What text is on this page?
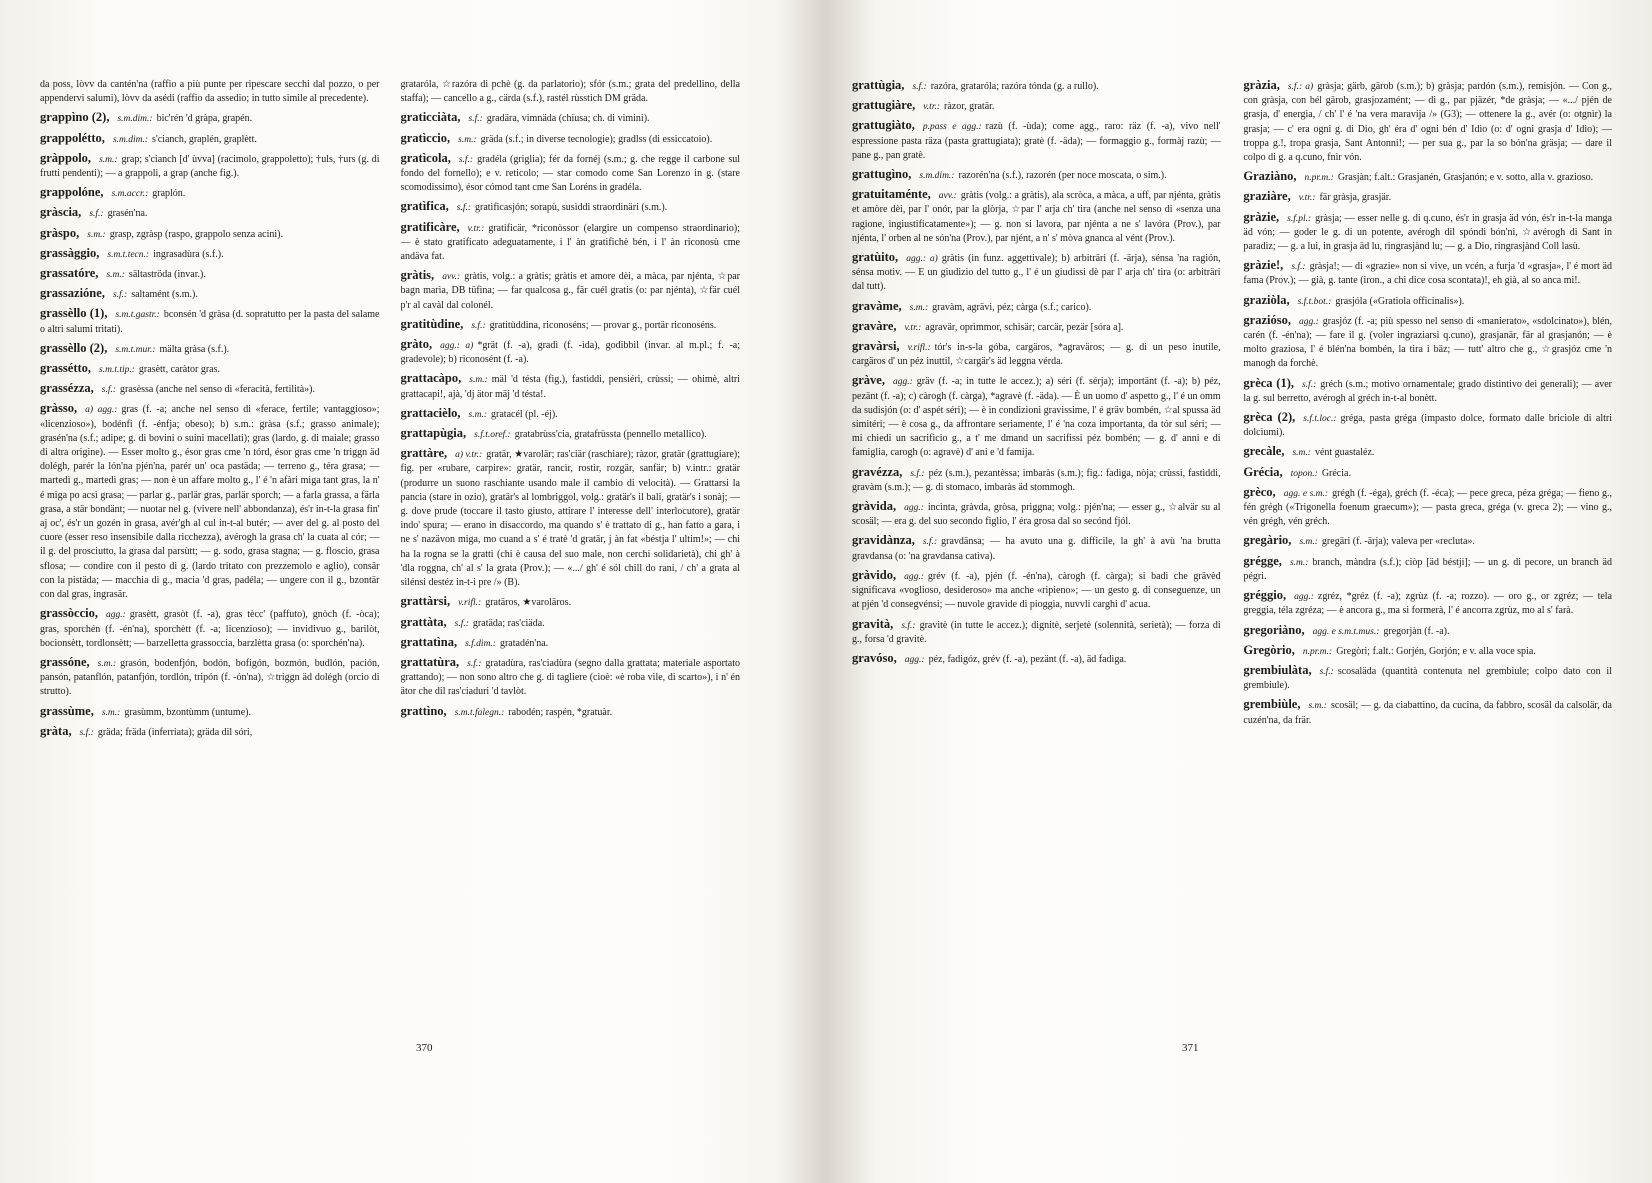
da poss, lòvv da cantén'na (raffio a più punte per ripescare secchi dal pozzo, o per appendervi salumi), lòvv da asédi (raffio da assedio; in tutto simile al precedente).

grappìno (2), s.m.dim.: bic'rén 'd gràpa, grapén.

grappolétto, s.m.dim.: s'cianch, graplén, graplètt.

gràppolo, s.m.: grap; s'cianch [d' ùvva] (racimolo, grappoletto); †uls, †urs (g. di frutti pendenti); — a grappoli, a grap (anche fig.).

grappolóne, s.m.accr.: graplón.

gràscia, s.f.: grasén'na.

gràspo, s.m.: grasp, zgràsp (raspo, grappolo senza acini).

grassàggio, s.m.t.tecn.: ingrasadùra (s.f.).

grassatóre, s.m.: sältaströda (invar.).

grassazióne, s.f.: saltamént (s.m.).

grassèllo (1), s.m.t.gastr.: bconsén 'd gràsa (d. sopratutto per la pasta del salame o altri salumi tritati).

grassèllo (2), s.m.t.mur.: mälta gràsa (s.f.).

grassétto, s.m.t.tip.: grasètt, caràtor gras.

grassézza, s.f.: grasèssa (anche nel senso di «feracità, fertilità»).

gràsso, a) agg.: gras (f. -a; anche nel senso di «ferace, fertile; vantaggioso»; «licenzioso»), bodénfi (f. -énfja; obeso); b) s.m.: gràsa (s.f.; grasso animale); grasén'na (s.f.; adipe; g. di bovini o suini macellati); gras (lardo, g. di maiale; grasso di altra origine). — Esser molto g., ésor gras cme 'n tórd, ésor gras cme 'n triggn äd dolégh, parér la lón'na pjén'na, parér un' oca pastäda; — terreno g., téra grasa; — martedì g., martedì gras; — non è un affare molto g., l' é 'n afàri miga tant gras, la n' é miga po acsì grasa; — parlar g., parlär gras, parlär sporch; — a farla grassa, a färla grasa, a stär bondänt; — nuotar nel g. (vivere nell' abbondanza), és'r in-t-la grasa fin' aj oc', és'r un gozén in grasa, avér'gh al cul in-t-al butér; — aver del g. al posto del cuore (esser reso insensibile dalla ricchezza), avérogh la grasa ch' la cuata al cór; — il g. del prosciutto, la grasa dal parsùtt; — g. sodo, grasa stagna; — g. floscio, grasa sflosa; — condire con il pesto di g. (lardo tritato con prezzemolo e aglio), consär con la pistäda; — macchia di g., macia 'd gras, padéla; — ungere con il g., bzontär con dal gras, ingrasär.

grassòccio, agg.: grasètt, grasòt (f. -a), gras tècc' (paffuto), gnòch (f. -òca); gras, sporchén (f. -én'na), sporchètt (f. -a; licenzioso); — invidivuo g., barilòt, bocionsètt, tordlonsètt; — barzelletta grassoccia, barzlètta grasa (o: sporchén'na).

grassóne, s.m.: grasón, bodenfjón, bodón, bofigón, bozmón, budlón, pación, pansón, patanflón, patanfjón, tordlón, tripón (f. -ón'na), ☆triggn äd dolégh (orcio di strutto).

grassùme, s.m.: grasùmm, bzontùmm (untume).

gràta, s.f.: gräda; fräda (inferriata); gräda dil sóri,

grataróla, ☆razóra di pchè (g. da parlatorio); sfór (s.m.; grata del predellino, della staffa); — cancello a g., cärda (s.f.), rastél rùsstich DM gräda.

graticciàta, s.f.: gradära, vimnäda (chiusa; ch. di vimini).

gratìccio, s.m.: gräda (s.f.; in diverse tecnologie); gradlss (di essiccatoio).

gratìcola, s.f.: gradéla (griglia); fér da fornéj (s.m.; g. che regge il carbone sul fondo del fornello); e v. reticolo; — star comodo come San Lorenzo in g. (stare scomodissimo), ésor cómod tant cme San Loréns in gradéla.

gratìfica, s.f.: gratificasjón; sorapù, susìddi straordinäri (s.m.).

gratificàre, v.tr.: gratificär, *riconòssor (elargire un compenso straordinario); — è stato gratificato adeguatamente, i l' àn gratifichè bén, i l' àn riconosù cme andäva fat.

gràtis, avv.: gràtis, volg.: a gràtis; gràtis et amore dèi, a màca, par njénta, ☆par bagn marìa, DB tüfìna; — far qualcosa g., fär cuél gratis (o: par njénta), ☆fär cuél p'r al cavàl dal colonél.

gratitùdine, s.f.: gratitùddina, riconoséns; — provar g., portär riconoséns.

gràto, agg.: a) *grät (f. -a), gradì (f. -ìda), godibbil (invar. al m.pl.; f. -a; gradevole); b) riconosént (f. -a).

grattacàpo, s.m.: mäl 'd tésta (fig.), fastìddi, pensiéri, crùssi; — ohimè, altri grattacapi!, ajà, 'dj ätor mäj 'd tésta!.

grattacièlo, s.m.: gratacél (pl. -éj).

grattapùgia, s.f.t.oref.: gratabrùss'cia, gratafrùssta (pennello metallico).

grattàre, a) v.tr.: gratär, ★varolär; ras'ciär (raschiare); ràzor, gratär (grattugiare); fig. per «rubare, carpire»: gratär, rancìr, rostìr, rozgär, sanfär; b) v.intr.: gratär (produrre un suono raschiante usando male il cambio di velocità). — Grattarsi la pancia (stare in ozio), gratär's al lombriggol, volg.: gratär's il bali, gratär's i sonàj; — g. dove prude (toccare il tasto giusto, attirare l' interesse dell' interlocutore), gratär indo' spura; — erano in disaccordo, ma quando s' è trattato di g., han fatto a gara, i ne s' nazävon miga, mo cuand a s' é tratè 'd gratär, j àn fat «béstja l' ultim!»; — chi ha la rogna se la gratti (chi è causa del suo male, non cerchi solidarietà), chi gh' à 'dla roggna, ch' al s' la grata (Prov.); — «.../ gh' é sól chill do rani, / ch' a grata al silénsi destéz in-t-i pre /» (B).

grattàrsi, v.rifl.: gratäros, ★varoläros.

grattàta, s.f.: gratäda; ras'ciäda.

grattatìna, s.f.dim.: gratadén'na.

grattatùra, s.f.: gratadùra, ras'ciadùra (segno dalla grattata; materiale asportato grattando); — non sono altro che g. di tagliere (cioè: «è roba vile, di scarto»), i n' én ätor che dil ras'ciaduri 'd tavlòt.

grattìno, s.m.t.falegn.: rabodén; raspén, *gratuàr.

370

grattùgia, s.f.: razóra, grataróla; razóra tónda (g. a rullo).

grattugiàre, v.tr.: ràzor, gratär.

grattugiàto, p.pass e agg.: razù (f. -ùda); come agg., raro: räz (f. -a), vivo nell' espressione pasta räza (pasta grattugiata); gratè (f. -äda); — formaggio g., formàj razù; — pane g., pan gratè.

grattugìno, s.m.dim.: razorén'na (s.f.), razorén (per noce moscata, o sim.).

gratuitaménte, avv.: gràtis (volg.: a gràtis), ala scròca, a màca, a uff, par njénta, gràtis et amòre dèi, par l' onór, par la glòrja, ☆par l' arja ch' tira (anche nel senso di «senza una ragione, ingiustificatamente»); — g. non si lavora, par njénta a ne s' lavóra (Prov.), par njénta, l' orben al ne són'na (Prov.), par njént, a n' s' mòva gnanca al vént (Prov.).

gratùito, agg.: a) gràtis (in funz. aggettivale); b) arbiträri (f. -ärja), sénsa 'na ragión, sénsa motìv. — E un giudizio del tutto g., l' é un giudissi dè par l' arja ch' tira (o: arbiträri dal tutt).

gravàme, s.m.: gravàm, agrävi, péz; càrga (s.f.; carico).

gravàre, v.tr.: agravär, oprìmmor, schisär; carcär, pezär [sóra a].

gravàrsi, v.rifl.: tór's in-s-la góba, cargäros, *agraväros; — g. di un peso inutile, cargäros d' un péz inuttil, ☆cargär's äd leggna vérda.

gràve, agg.: gräv (f. -a; in tutte le accez.); a) séri (f. sérja); importänt (f. -a); b) péz, pezänt (f. -a); c) càrogh (f. càrga), *agravè (f. -äda). — È un uomo d' aspetto g., l' é un omm da sudisjón (o: d' aspét séri); — è in condizioni gravissime, l' é gräv bombén, ☆al spussa äd simitéri; — è cosa g., da affrontare seriamente, l' é 'na coza importanta, da tór sul séri; — mi chiedi un sacrificio g., a t' me dmand un sacrifissi péz bombén; — g. d' anni e di famiglia, carogh (o: agravè) d' ani e 'd famija.

gravézza, s.f.: péz (s.m.), pezantèssa; imbaràs (s.m.); fig.: fadìga, nòja; crùssi, fastìddi, gravàm (s.m.); — g. di stomaco, imbaràs äd stommogh.

gràvida, agg.: incìnta, gràvda, gròsa, prìggna; volg.: pjén'na; — esser g., ☆alvär su al scosäl; — era g. del suo secondo figlio, l' éra grosa dal so secónd fjól.

gravidànza, s.f.: gravdänsa; — ha avuto una g. difficile, la gh' à avù 'na brutta gravdansa (o: 'na gravdansa catìva).

gràvido, agg.: grév (f. -a), pjén (f. -én'na), càrogh (f. càrga); si badi che grävèd significava «voglioso, desideroso» ma anche «ripieno»; — un gesto g. di conseguenze, un at pjén 'd consegvénsi; — nuvole gravide di pioggia, nuvvli carghi d' acua.

gravità, s.f.: gravitè (in tutte le accez.); dignitè, serjetè (solennità, serietà); — forza di g., forsa 'd gravitè.

gravóso, agg.: péz, fadigóz, grév (f. -a), pezänt (f. -a), äd fadìga.

gràzia, s.f.: a) gràsja; gärb, gärob (s.m.); b) gràsja; pardón (s.m.), remisjón. — Con g., con gràsja, con bél gärob, grasjozamént; — di g., par pjäzér, *de gràsja; — «.../ pjén de grasja, d' energia, / ch' l' é 'na vera maravija /» (G3); — ottenere la g., avér (o: otgnìr) la grasja; — c' era ogni g. di Dio, gh' éra d' ogni bén d' Idìo (o: d' ogni grasja d' Idìo); — troppa g.!, tropa grasja, Sant Antonni!; — per sua g., par la so bón'na gräsja; — dare il colpo di g. a q.cuno, fnìr vón.

Graziàno, n.pr.m.: Grasjàn; f.alt.: Grasjanén, Grasjanón; e v. sotto, alla v. grazioso.

graziàre, v.tr.: fär gràsja, grasjär.

gràzie, s.f.pl.: gràsja; — esser nelle g. di q.cuno, és'r in grasja äd vón, és'r in-t-la manga äd vón; — goder le g. di un potente, avérogh dil spóndi bón'ni, ☆avérogh di Sant in paradìz; — g. a lui, in grasja äd lu, ringrasjànd lu; — g. a Dio, ringrasjànd Coll lasù.

gràzie!, s.f.: gràsja!; — di «grazie» non si vive, un vcén, a furja 'd «grasja», l' é mort äd fama (Prov.); — già, g. tante (iron., a chi dice cosa scontata)!, eh già, al so anca mi!.

graziòla, s.f.t.bot.: grasjóla («Gratiola officinalis»).

grazióso, agg.: grasjóz (f. -a; più spesso nel senso di «manierato», «sdolcinato»), blén, carén (f. -én'na); — fare il g. (voler ingraziarsi q.cuno), grasjanär, fär al grasjanón; — è molto graziosa, l' é blén'na bombén, la tira i bäz; — tutt' altro che g., ☆grasjóz cme 'n manogh da forchè.

grèca (1), s.f.: gréch (s.m.; motivo ornamentale; grado distintivo dei generali); — aver la g. sul berretto, avérogh al gréch in-t-al bonètt.

grèca (2), s.f.t.loc.: gréga, pasta gréga (impasto dolce, formato dalle briciole di altri dolciumi).

grecàle, s.m.: vént guastaléz.

Grécia, topon.: Grécia.

grèco, agg. e s.m.: grégh (f. -éga), gréch (f. -éca); — pece greca, péza gréga; — fieno g., fén grégh («Trigonella foenum graecum»); — pasta greca, gréga (v. greca 2); — vino g., vén grégh, vén gréch.

gregàrio, s.m.: gregäri (f. -ärja); valeva per «recluta».

grégge, s.m.: branch, màndra (s.f.); ciòp [äd béstji]; — un g. di pecore, un branch äd pégri.

gréggio, agg.: zgréz, *gréz (f. -a); zgrùz (f. -a; rozzo). — oro g., or zgréz; — tela greggia, téla zgréza; — è ancora g., ma si formerà, l' é ancorra zgrùz, mo al s' farà.

gregoriàno, agg. e s.m.t.mus.: gregorjàn (f. -a).

Gregòrio, n.pr.m.: Gregòri; f.alt.: Gorjén, Gorjón; e v. alla voce spia.

grembiulàta, s.f.: scosaläda (quantità contenuta nel grembiule; colpo dato con il grembiule).

grembiùle, s.m.: scosäl; — g. da ciabattino, da cucina, da fabbro, scosäl da calsolär, da cuzén'na, da frär.

371
